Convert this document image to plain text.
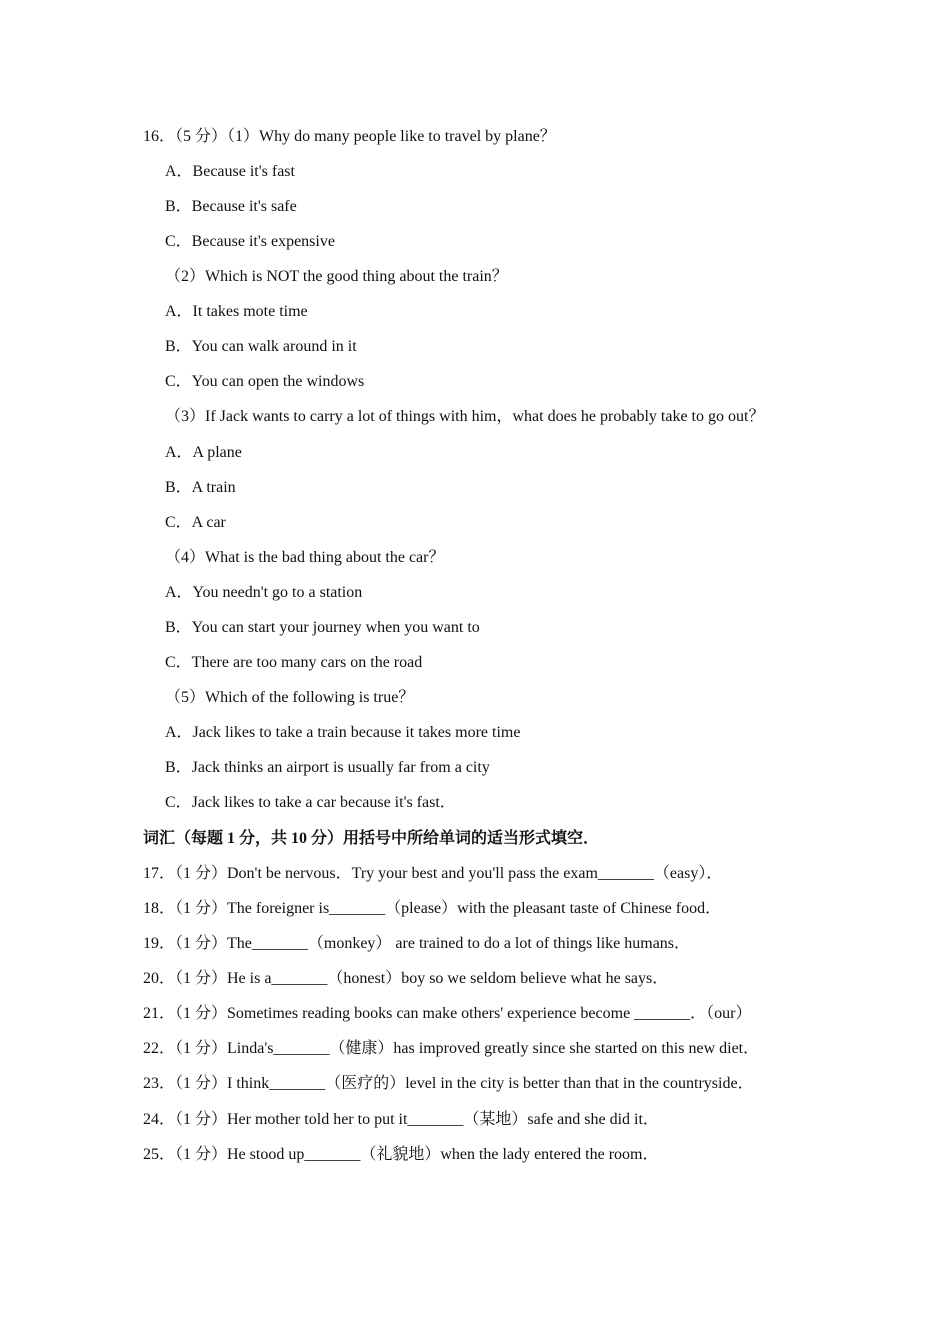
16．（5 分）（1）Why do many people like to travel by plane？
A．Because it's fast
B．Because it's safe
C．Because it's expensive
（2）Which is NOT the good thing about the train？
A．It takes mote time
B．You can walk around in it
C．You can open the windows
（3）If Jack wants to carry a lot of things with him，what does he probably take to go out？
A．A plane
B．A train
C．A car
（4）What is the bad thing about the car？
A．You needn't go to a station
B．You can start your journey when you want to
C．There are too many cars on the road
（5）Which of the following is true？
A．Jack likes to take a train because it takes more time
B．Jack thinks an airport is usually far from a city
C．Jack likes to take a car because it's fast．
词汇（每题 1 分，共 10 分）用括号中所给单词的适当形式填空．
17．（1 分）Don't be nervous．Try your best and you'll pass the exam_______（easy）．
18．（1 分）The foreigner is_______（please）with the pleasant taste of Chinese food．
19．（1 分）The_______（monkey） are trained to do a lot of things like humans．
20．（1 分）He is a_______（honest）boy so we seldom believe what he says．
21．（1 分）Sometimes reading books can make others' experience become _______．（our）
22．（1 分）Linda's_______（健康）has improved greatly since she started on this new diet．
23．（1 分）I think_______（医疗的）level in the city is better than that in the countryside．
24．（1 分）Her mother told her to put it_______（某地）safe and she did it．
25．（1 分）He stood up_______（礼貌地）when the lady entered the room．
